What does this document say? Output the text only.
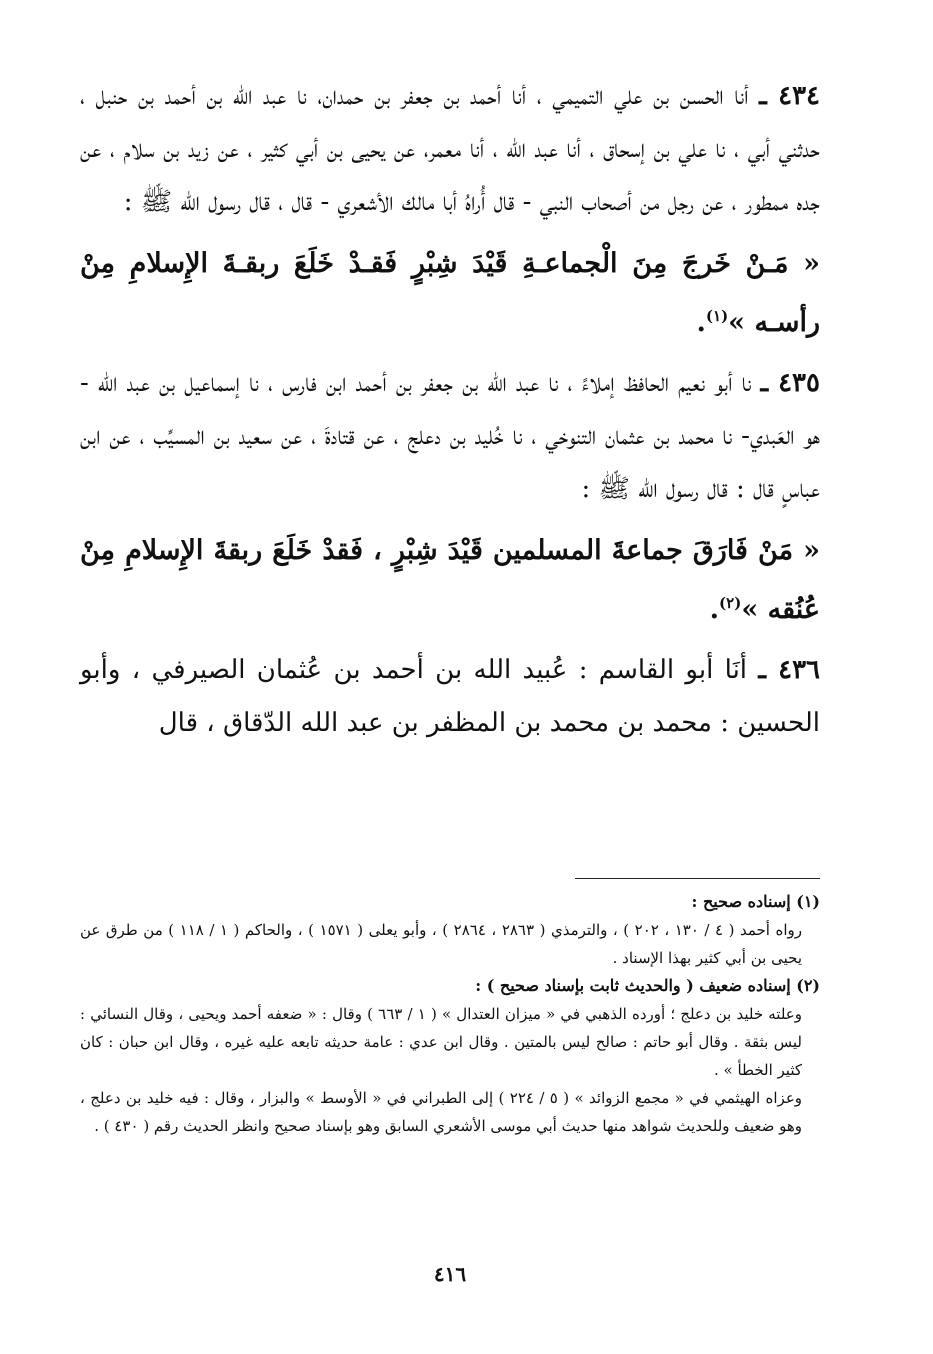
٤٣٤ ـ أنا الحسن بن علي التميمي ، أنا أحمد بن جعفر بن حمدان، نا عبد الله بن أحمد بن حنبل ، حدثني أبي ، نا علي بن إسحاق ، أنا عبد الله ، أنا معمر، عن يحيى بن أبي كثير ، عن زيد بن سلام ، عن جده ممطور ، عن رجل من أصحاب النبي - قال أُراهُ أبا مالك الأشعري - قال ، قال رسول الله ﷺ :

« مَـنْ خَرجَ مِنَ الْجماعـةِ قَيْدَ شِبْرٍ فَقـدْ خَلَعَ ربقـةَ الإِسلامِ مِنْ رأسـه »$^{(١)}$.

٤٣٥ ـ نا أبو نعيم الحافظ إملاءً ، نا عبد الله بن جعفر بن أحمد ابن فارس ، نا إسماعيل بن عبد الله - هو العَبدي- نا محمد بن عثمان التنوخي ، نا خُليد بن دعلج ، عن قتادةَ ، عن سعيد بن المسيِّب ، عن ابن عباسٍ قال : قال رسول الله ﷺ :

« مَنْ فَارَقَ جماعةَ المسلمين قَيْدَ شِبْرٍ ، فَقدْ خَلَعَ ربقةَ الإِسلامِ مِنْ عُنُقه »$^{(٢)}$.

٤٣٦ ـ أنَا أبو القاسم : عُبيد الله بن أحمد بن عُثمان الصيرفي ، وأبو الحسين : محمد بن محمد بن المظفر بن عبد الله الدّقاق ، قال

(١) إسناده صحيح :

رواه أحمد ( ٤ / ١٣٠ ، ٢٠٢ ) ، والترمذي ( ٢٨٦٣ ، ٢٨٦٤ ) ، وأبو يعلى ( ١٥٧١ ) ، والحاكم ( ١ / ١١٨ ) من طرق عن يحيى بن أبي كثير بهذا الإسناد .

(٢) إسناده ضعيف ( والحديث ثابت بإسناد صحيح ) :

وعلته خليد بن دعلج ؛ أورده الذهبي في « ميزان العتدال » ( ١ / ٦٦٣ ) وقال : « ضعفه أحمد ويحيى ، وقال النسائي : ليس بثقة . وقال أبو حاتم : صالح ليس بالمتين . وقال ابن عدي : عامة حديثه تابعه عليه غيره ، وقال ابن حبان : كان كثير الخطأ » .

وعزاه الهيثمي في « مجمع الزوائد » ( ٥ / ٢٢٤ ) إلى الطبراني في « الأوسط » والبزار ، وقال : فيه خليد بن دعلج ، وهو ضعيف وللحديث شواهد منها حديث أبي موسى الأشعري السابق وهو بإسناد صحيح وانظر الحديث رقم ( ٤٣٠ ) .

٤١٦
